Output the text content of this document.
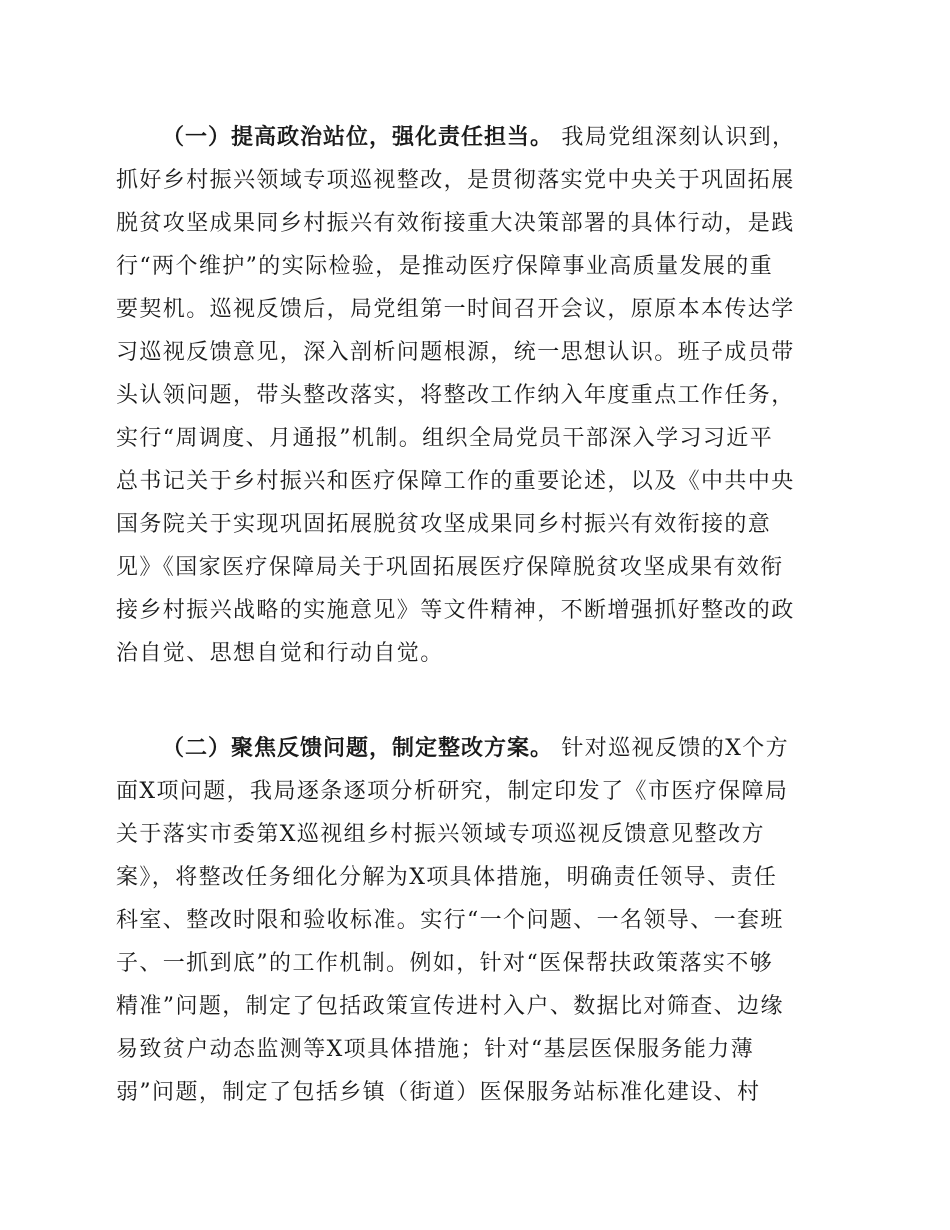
（一）提高政治站位，强化责任担当。 我局党组深刻认识到，
抓好乡村振兴领域专项巡视整改，是贯彻落实党中央关于巩固拓展
脱贫攻坚成果同乡村振兴有效衔接重大决策部署的具体行动，是践
行“两个维护”的实际检验，是推动医疗保障事业高质量发展的重
要契机。巡视反馈后，局党组第一时间召开会议，原原本本传达学
习巡视反馈意见，深入剖析问题根源，统一思想认识。班子成员带
头认领问题，带头整改落实，将整改工作纳入年度重点工作任务，
实行“周调度、月通报”机制。组织全局党员干部深入学习习近平
总书记关于乡村振兴和医疗保障工作的重要论述，以及《中共中央
国务院关于实现巩固拓展脱贫攻坚成果同乡村振兴有效衔接的意
见》《国家医疗保障局关于巩固拓展医疗保障脱贫攻坚成果有效衔
接乡村振兴战略的实施意见》等文件精神，不断增强抓好整改的政
治自觉、思想自觉和行动自觉。
（二）聚焦反馈问题，制定整改方案。 针对巡视反馈的X个方
面X项问题，我局逐条逐项分析研究，制定印发了《市医疗保障局
关于落实市委第X巡视组乡村振兴领域专项巡视反馈意见整改方
案》，将整改任务细化分解为X项具体措施，明确责任领导、责任
科室、整改时限和验收标准。实行“一个问题、一名领导、一套班
子、一抓到底”的工作机制。例如，针对“医保帮扶政策落实不够
精准”问题，制定了包括政策宣传进村入户、数据比对筛查、边缘
易致贫户动态监测等X项具体措施；针对“基层医保服务能力薄
弱”问题，制定了包括乡镇（街道）医保服务站标准化建设、村
